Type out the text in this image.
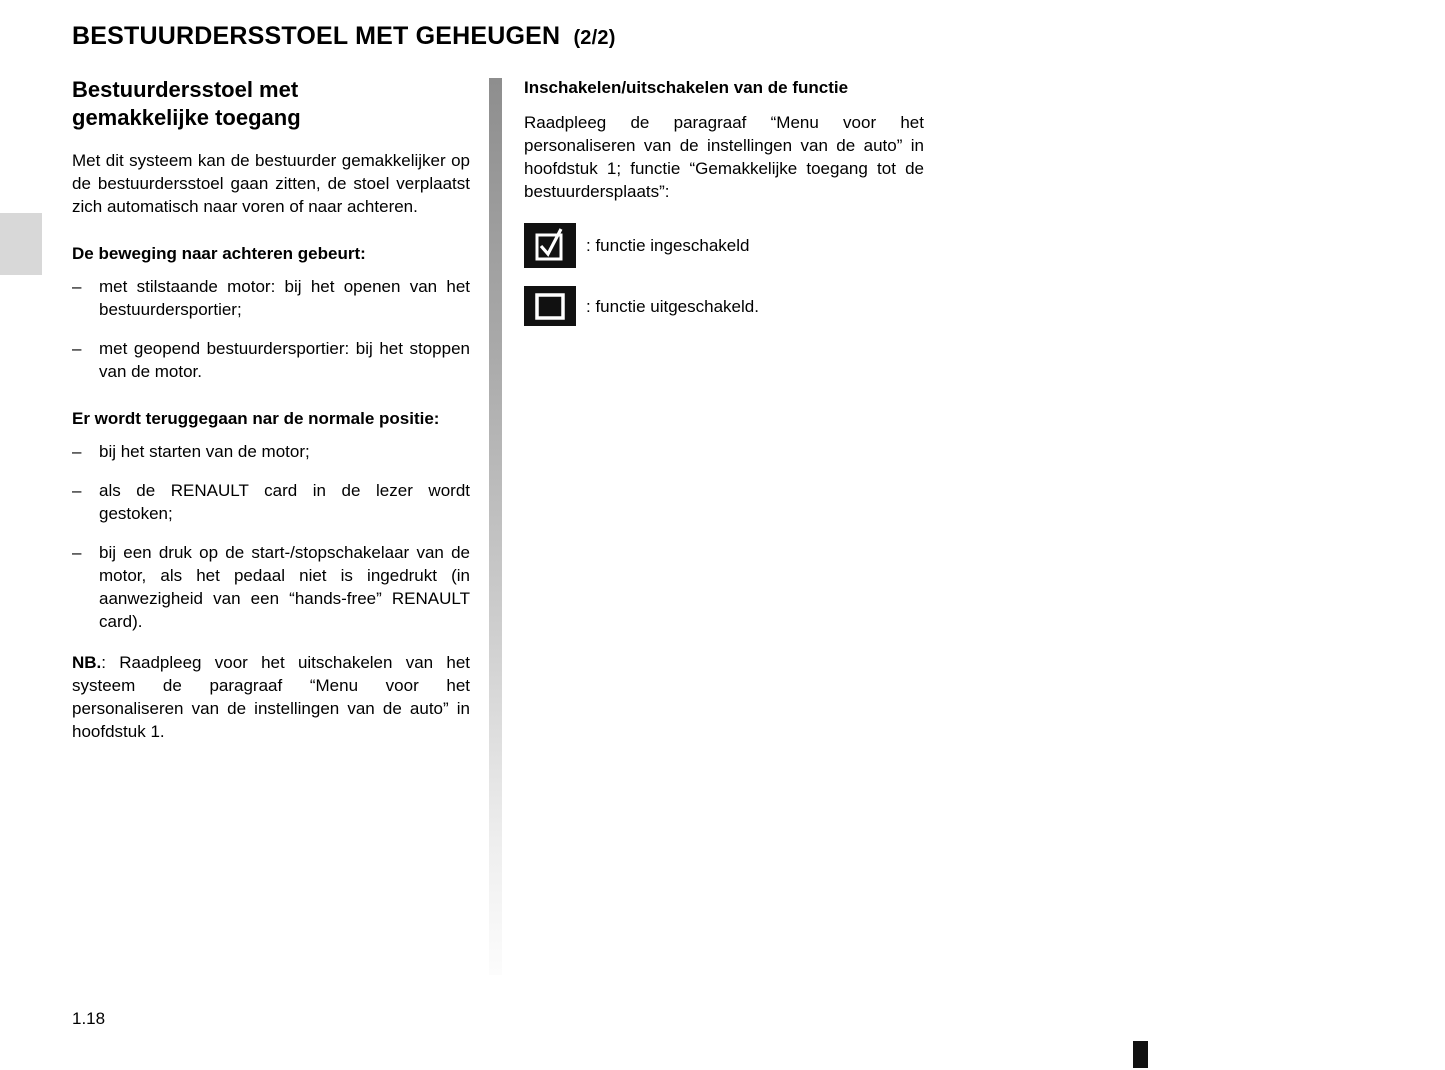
BESTUURDERSSTOEL MET GEHEUGEN (2/2)
Bestuurdersstoel met gemakkelijke toegang

Met dit systeem kan de bestuurder gemakkelijker op de bestuurdersstoel gaan zitten, de stoel verplaatst zich automatisch naar voren of naar achteren.

De beweging naar achteren gebeurt:
–	met stilstaande motor: bij het openen van het bestuurdersportier;
–	met geopend bestuurdersportier: bij het stoppen van de motor.
Er wordt teruggegaan nar de normale positie:
–	bij het starten van de motor;
–	als de RENAULT card in de lezer wordt gestoken;
–	bij een druk op de start-/stopschakelaar van de motor, als het pedaal niet is ingedrukt (in aanwezigheid van een “hands-free” RENAULT card).

NB.: Raadpleeg voor het uitschakelen van het systeem de paragraaf “Menu voor het personaliseren van de instellingen van de auto” in hoofdstuk 1.

Inschakelen/uitschakelen van de functie

Raadpleeg de paragraaf “Menu voor het personaliseren van de instellingen van de auto” in hoofdstuk 1; functie “Gemakkelijke toegang tot de bestuurdersplaats”:

: functie ingeschakeld
: functie uitgeschakeld.
1.18
